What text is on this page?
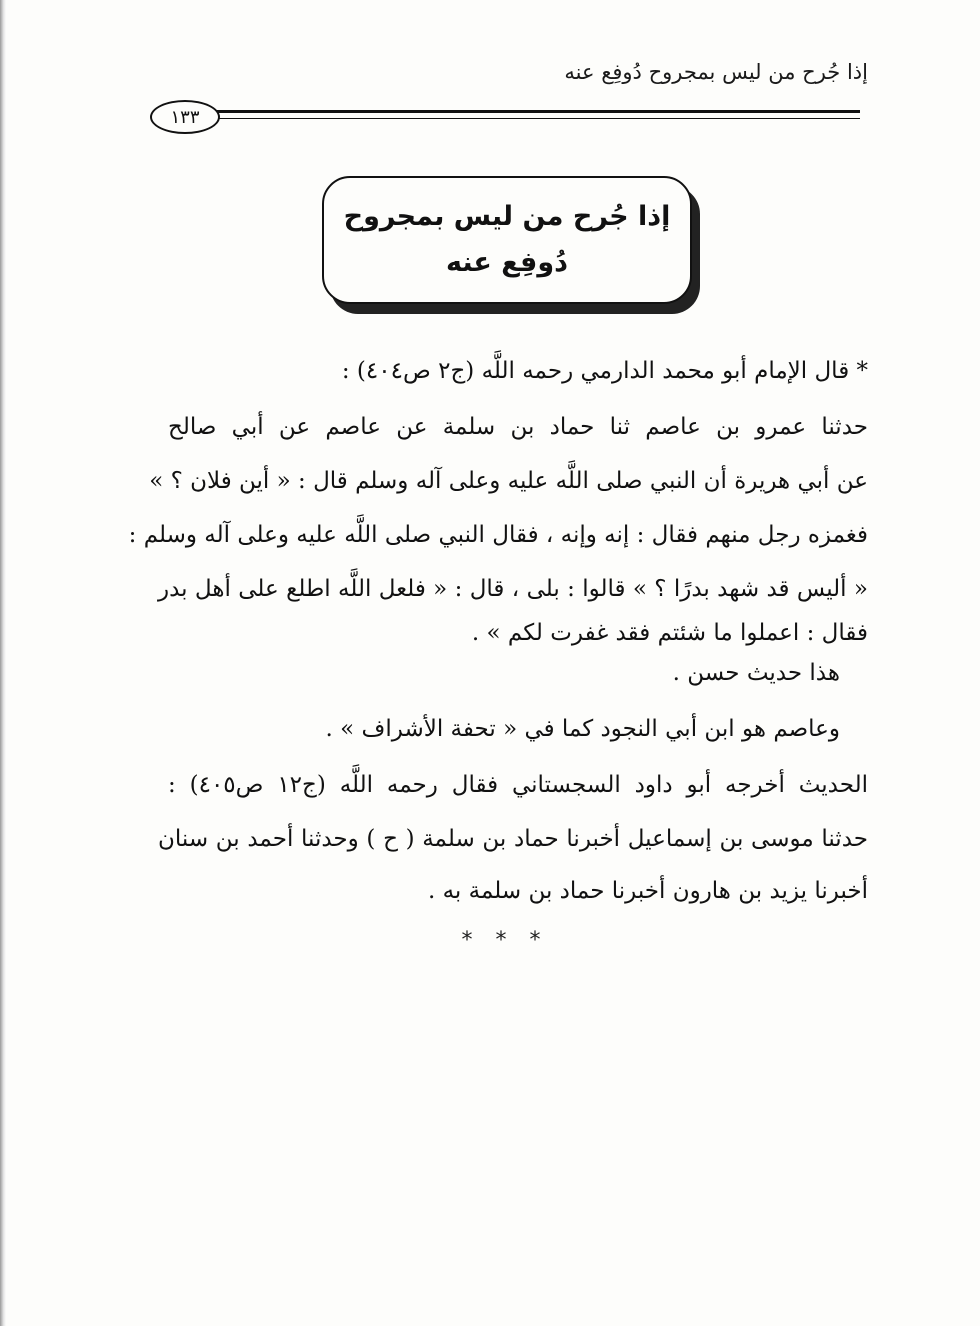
إذا جُرح من ليس بمجروح دُوفِع عنه
١٣٣
إذا جُرح من ليس بمجروح
دُوفِع عنه
* قال الإمام أبو محمد الدارمي رحمه اللَّه (ج٢ ص٤٠٤) :
حدثنا عمرو بن عاصم ثنا حماد بن سلمة عن عاصم عن أبي صالح
عن أبي هريرة أن النبي صلى اللَّه عليه وعلى آله وسلم قال : « أين فلان ؟ »
فغمزه رجل منهم فقال : إنه وإنه ، فقال النبي صلى اللَّه عليه وعلى آله وسلم :
« أليس قد شهد بدرًا ؟ » قالوا : بلى ، قال : « فلعل اللَّه اطلع على أهل بدر
فقال : اعملوا ما شئتم فقد غفرت لكم » .
هذا حديث حسن .
وعاصم هو ابن أبي النجود كما في « تحفة الأشراف » .
الحديث أخرجه أبو داود السجستاني فقال رحمه اللَّه (ج١٢ ص٤٠٥) :
حدثنا موسى بن إسماعيل أخبرنا حماد بن سلمة ( ح ) وحدثنا أحمد بن سنان
أخبرنا يزيد بن هارون أخبرنا حماد بن سلمة به .
* * *
